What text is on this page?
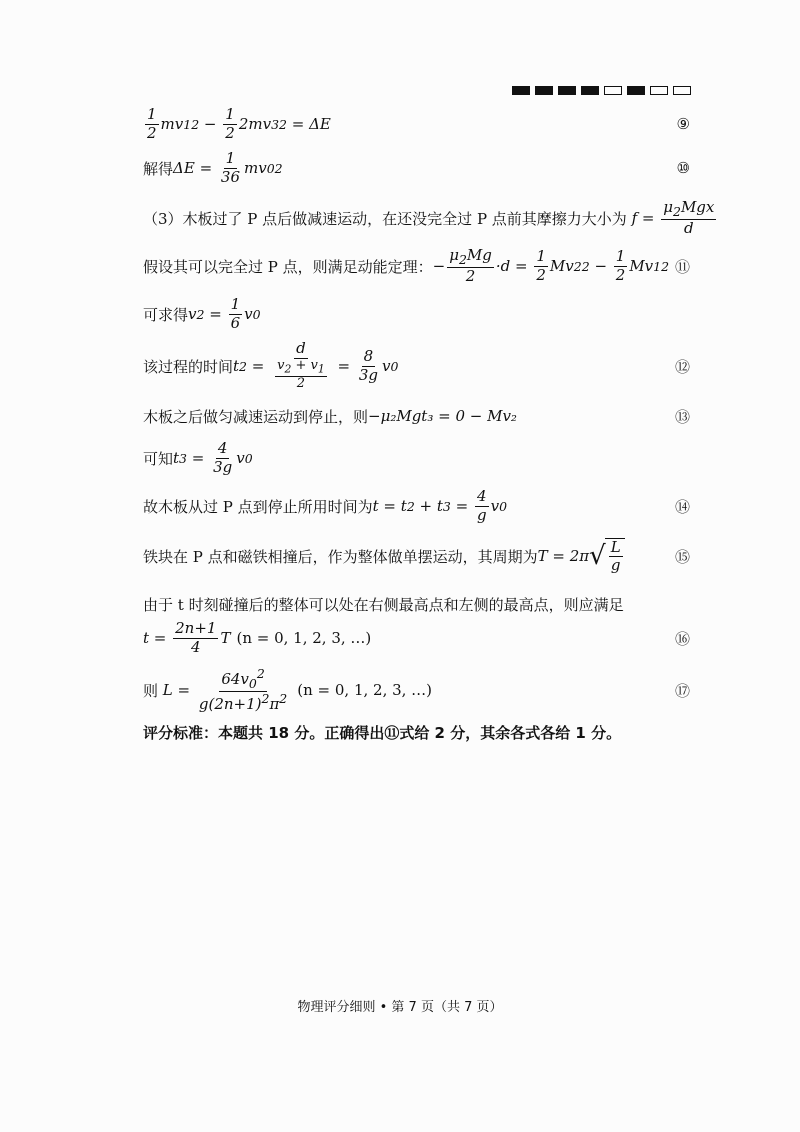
$\frac{1}{2}$ mv 1 $2 - \frac{1}{2} 2mv$ 3 2 = ΔE	⑨
解得 $\Delta E = \frac{1}{36}$ mv 0 2	⑩
（3）木板过了 P 点后做减速运动，在还没完全过 P 点前其摩擦力大小为 $f = \frac{\mu_2Mgx}{d}$
假设其可以完全过 P 点，则满足动能定理： − $\frac{\mu_2Mg}{2} \cdot d = \frac{1}{2}$ Mv 2 $2 - \frac{1}{2}$ Mv 1 2 ⑪
可求得 v $2 = \frac{1}{6}$ v 0
该过程的时间 t $2 = \frac{d}{\frac{v_2 + v_1}{2}} = \frac{8}{3g}$ v 0	⑫
木板之后做匀减速运动到停止，则 −μ₂Mgt₃ = 0 − Mv₂	⑬
可知 t $3 = \frac{4}{3g}$ v 0
故木板从过 P 点到停止所用时间为 t = t 2 + t $3 = \frac{4}{g}$ v 0	⑭
铁块在 P 点和磁铁相撞后，作为整体做单摆运动，其周期为 T = 2π √ $\frac{L}{g}$	⑮
由于 t 时刻碰撞后的整体可以处在右侧最高点和左侧的最高点，则应满足
$t = \frac{2n+1}{4}$ T (n = 0, 1, 2, 3, …)	⑯
则 $L = \frac{64v_0^2}{g(2n+1)^2\pi^2} (n = 0$, 1, 2, 3, …)	⑰
评分标准：本题共 18 分。正确得出⑪式给 2 分，其余各式各给 1 分。
物理评分细则 • 第 7 页（共 7 页）
